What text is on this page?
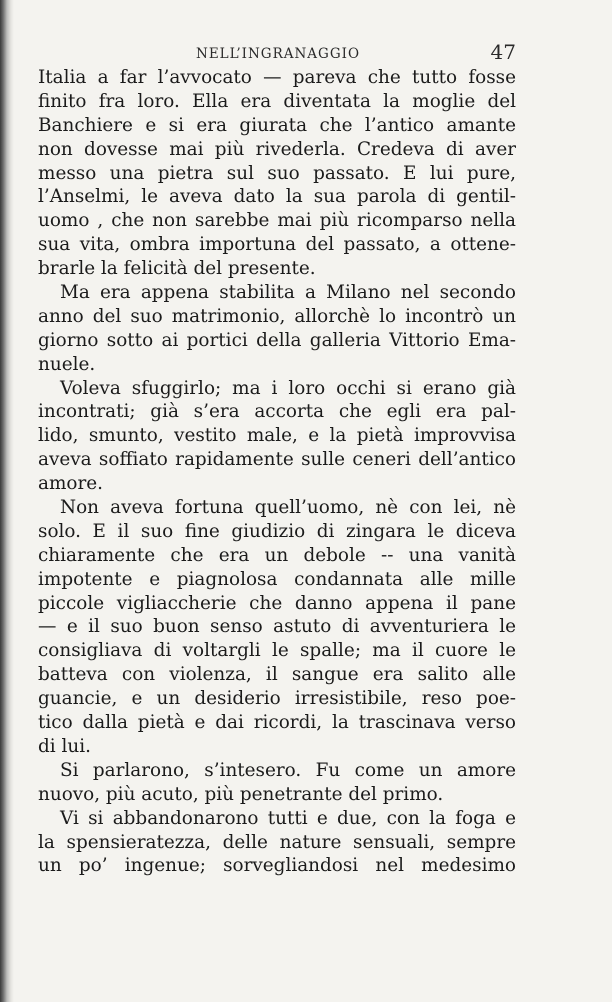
NELL’INGRANAGGIO	47
Italia a far l’avvocato — pareva che tutto fosse
finito fra loro. Ella era diventata la moglie del
Banchiere e si era giurata che l’antico amante
non dovesse mai più rivederla. Credeva di aver
messo una pietra sul suo passato. E lui pure,
l’Anselmi, le aveva dato la sua parola di gentil-
uomo , che non sarebbe mai più ricomparso nella
sua vita, ombra importuna del passato, a ottene-
brarle la felicità del presente.
Ma era appena stabilita a Milano nel secondo
anno del suo matrimonio, allorchè lo incontrò un
giorno sotto ai portici della galleria Vittorio Ema-
nuele.
Voleva sfuggirlo; ma i loro occhi si erano già
incontrati; già s’era accorta che egli era pal-
lido, smunto, vestito male, e la pietà improvvisa
aveva soffiato rapidamente sulle ceneri dell’antico
amore.
Non aveva fortuna quell’uomo, nè con lei, nè
solo. E il suo fine giudizio di zingara le diceva
chiaramente che era un debole -- una vanità
impotente e piagnolosa condannata alle mille
piccole vigliaccherie che danno appena il pane
— e il suo buon senso astuto di avventuriera le
consigliava di voltargli le spalle; ma il cuore le
batteva con violenza, il sangue era salito alle
guancie, e un desiderio irresistibile, reso poe-
tico dalla pietà e dai ricordi, la trascinava verso
di lui.
Si parlarono, s’intesero. Fu come un amore
nuovo, più acuto, più penetrante del primo.
Vi si abbandonarono tutti e due, con la foga e
la spensieratezza, delle nature sensuali, sempre
un po’ ingenue; sorvegliandosi nel medesimo
